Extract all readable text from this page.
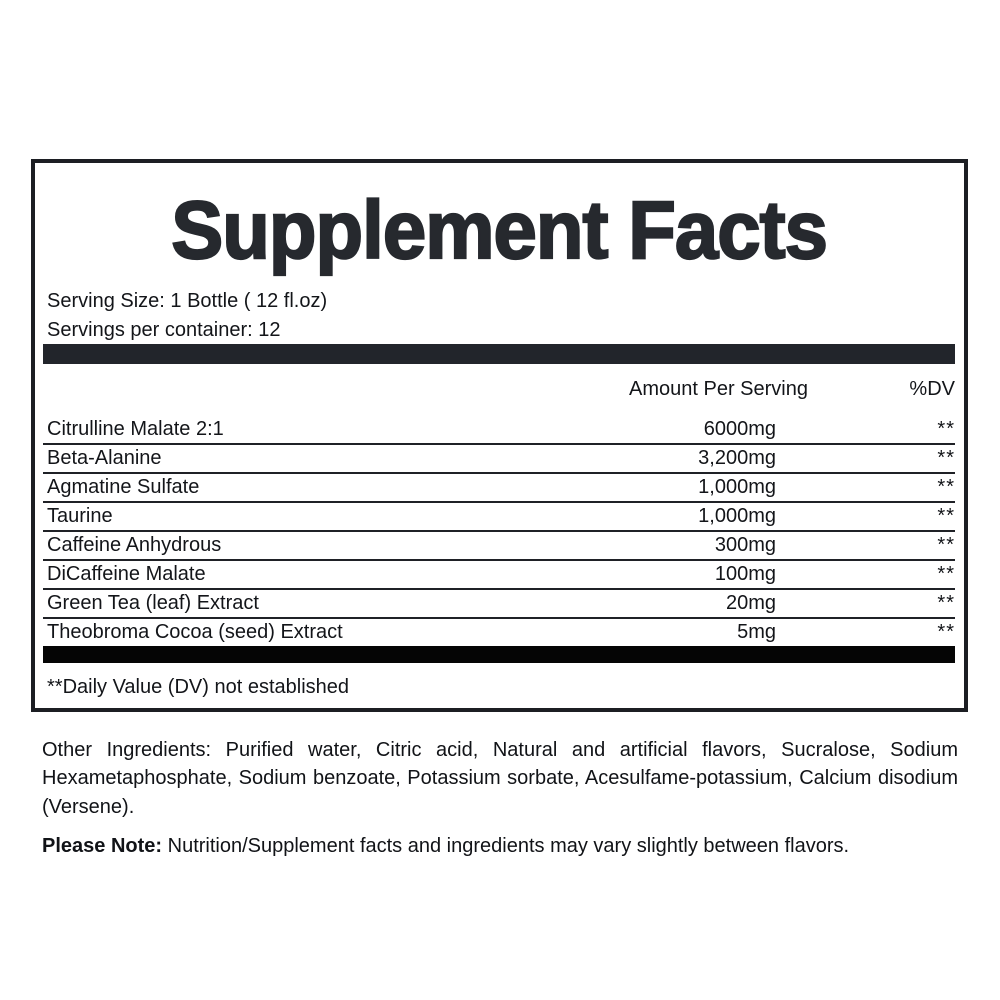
Supplement Facts
Serving Size: 1 Bottle ( 12 fl.oz)
Servings per container: 12
Amount Per Serving	%DV
Citrulline Malate 2:1	6000mg	**
Beta-Alanine	3,200mg	**
Agmatine Sulfate	1,000mg	**
Taurine	1,000mg	**
Caffeine Anhydrous	300mg	**
DiCaffeine Malate	100mg	**
Green Tea (leaf) Extract	20mg	**
Theobroma Cocoa (seed) Extract	5mg	**
**Daily Value (DV) not established

Other Ingredients: Purified water, Citric acid, Natural and artificial flavors, Sucralose, Sodium Hexametaphosphate, Sodium benzoate, Potassium sorbate, Acesulfame-potassium, Calcium disodium (Versene).

Please Note: Nutrition/Supplement facts and ingredients may vary slightly between flavors.
